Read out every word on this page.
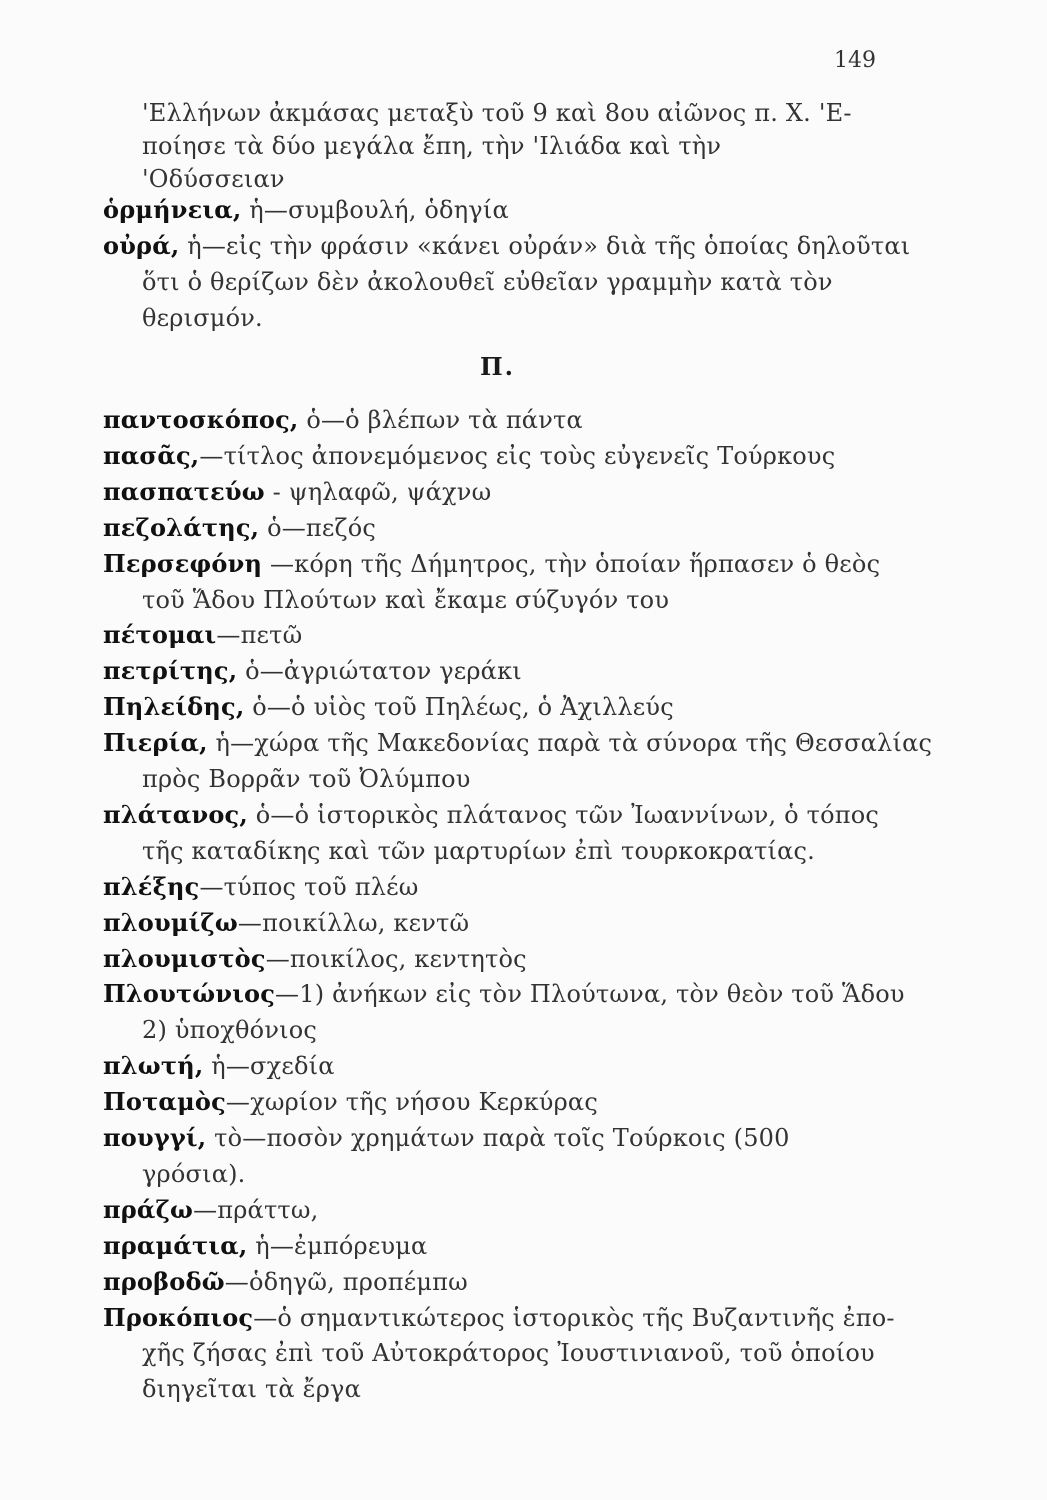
149
Π.
'Ελλήνων ἀκμάσας μεταξὺ τοῦ 9 καὶ 8ου αἰῶνος π. Χ. 'Ε-
ποίησε τὰ δύο μεγάλα ἔπη, τὴν 'Ιλιάδα καὶ τὴν
'Οδύσσειαν
ὁρμήνεια, ἡ—συμβουλή, ὁδηγία
οὐρά, ἡ—εἰς τὴν φράσιν «κάνει οὐράν» διὰ τῆς ὁποίας δηλοῦται
ὅτι ὁ θερίζων δὲν ἀκολουθεῖ εὐθεῖαν γραμμὴν κατὰ τὸν
θερισμόν.
παντοσκόπος, ὁ—ὁ βλέπων τὰ πάντα
πασᾶς,—τίτλος ἀπονεμόμενος εἰς τοὺς εὐγενεῖς Τούρκους
πασπατεύω - ψηλαφῶ, ψάχνω
πεζολάτης, ὁ—πεζός
Περσεφόνη —κόρη τῆς Δήμητρος, τὴν ὁποίαν ἥρπασεν ὁ θεὸς
τοῦ Ἅδου Πλούτων καὶ ἔκαμε σύζυγόν του
πέτομαι—πετῶ
πετρίτης, ὁ—ἀγριώτατον γεράκι
Πηλείδης, ὁ—ὁ υἱὸς τοῦ Πηλέως, ὁ Ἀχιλλεύς
Πιερία, ἡ—χώρα τῆς Μακεδονίας παρὰ τὰ σύνορα τῆς Θεσσαλίας
πρὸς Βορρᾶν τοῦ Ὀλύμπου
πλάτανος, ὁ—ὁ ἱστορικὸς πλάτανος τῶν Ἰωαννίνων, ὁ τόπος
τῆς καταδίκης καὶ τῶν μαρτυρίων ἐπὶ τουρκοκρατίας.
πλέξης—τύπος τοῦ πλέω
πλουμίζω—ποικίλλω, κεντῶ
πλουμιστὸς—ποικίλος, κεντητὸς
Πλουτώνιος—1) ἀνήκων εἰς τὸν Πλούτωνα, τὸν θεὸν τοῦ Ἅδου
2) ὑποχθόνιος
πλωτή, ἡ—σχεδία
Ποταμὸς—χωρίον τῆς νήσου Κερκύρας
πουγγί, τὸ—ποσὸν χρημάτων παρὰ τοῖς Τούρκοις (500
γρόσια).
πράζω—πράττω,
πραμάτια, ἡ—ἐμπόρευμα
προβοδῶ—ὁδηγῶ, προπέμπω
Προκόπιος—ὁ σημαντικώτερος ἱστορικὸς τῆς Βυζαντινῆς ἐπο-
χῆς ζήσας ἐπὶ τοῦ Αὐτοκράτορος Ἰουστινιανοῦ, τοῦ ὁποίου
διηγεῖται τὰ ἔργα
